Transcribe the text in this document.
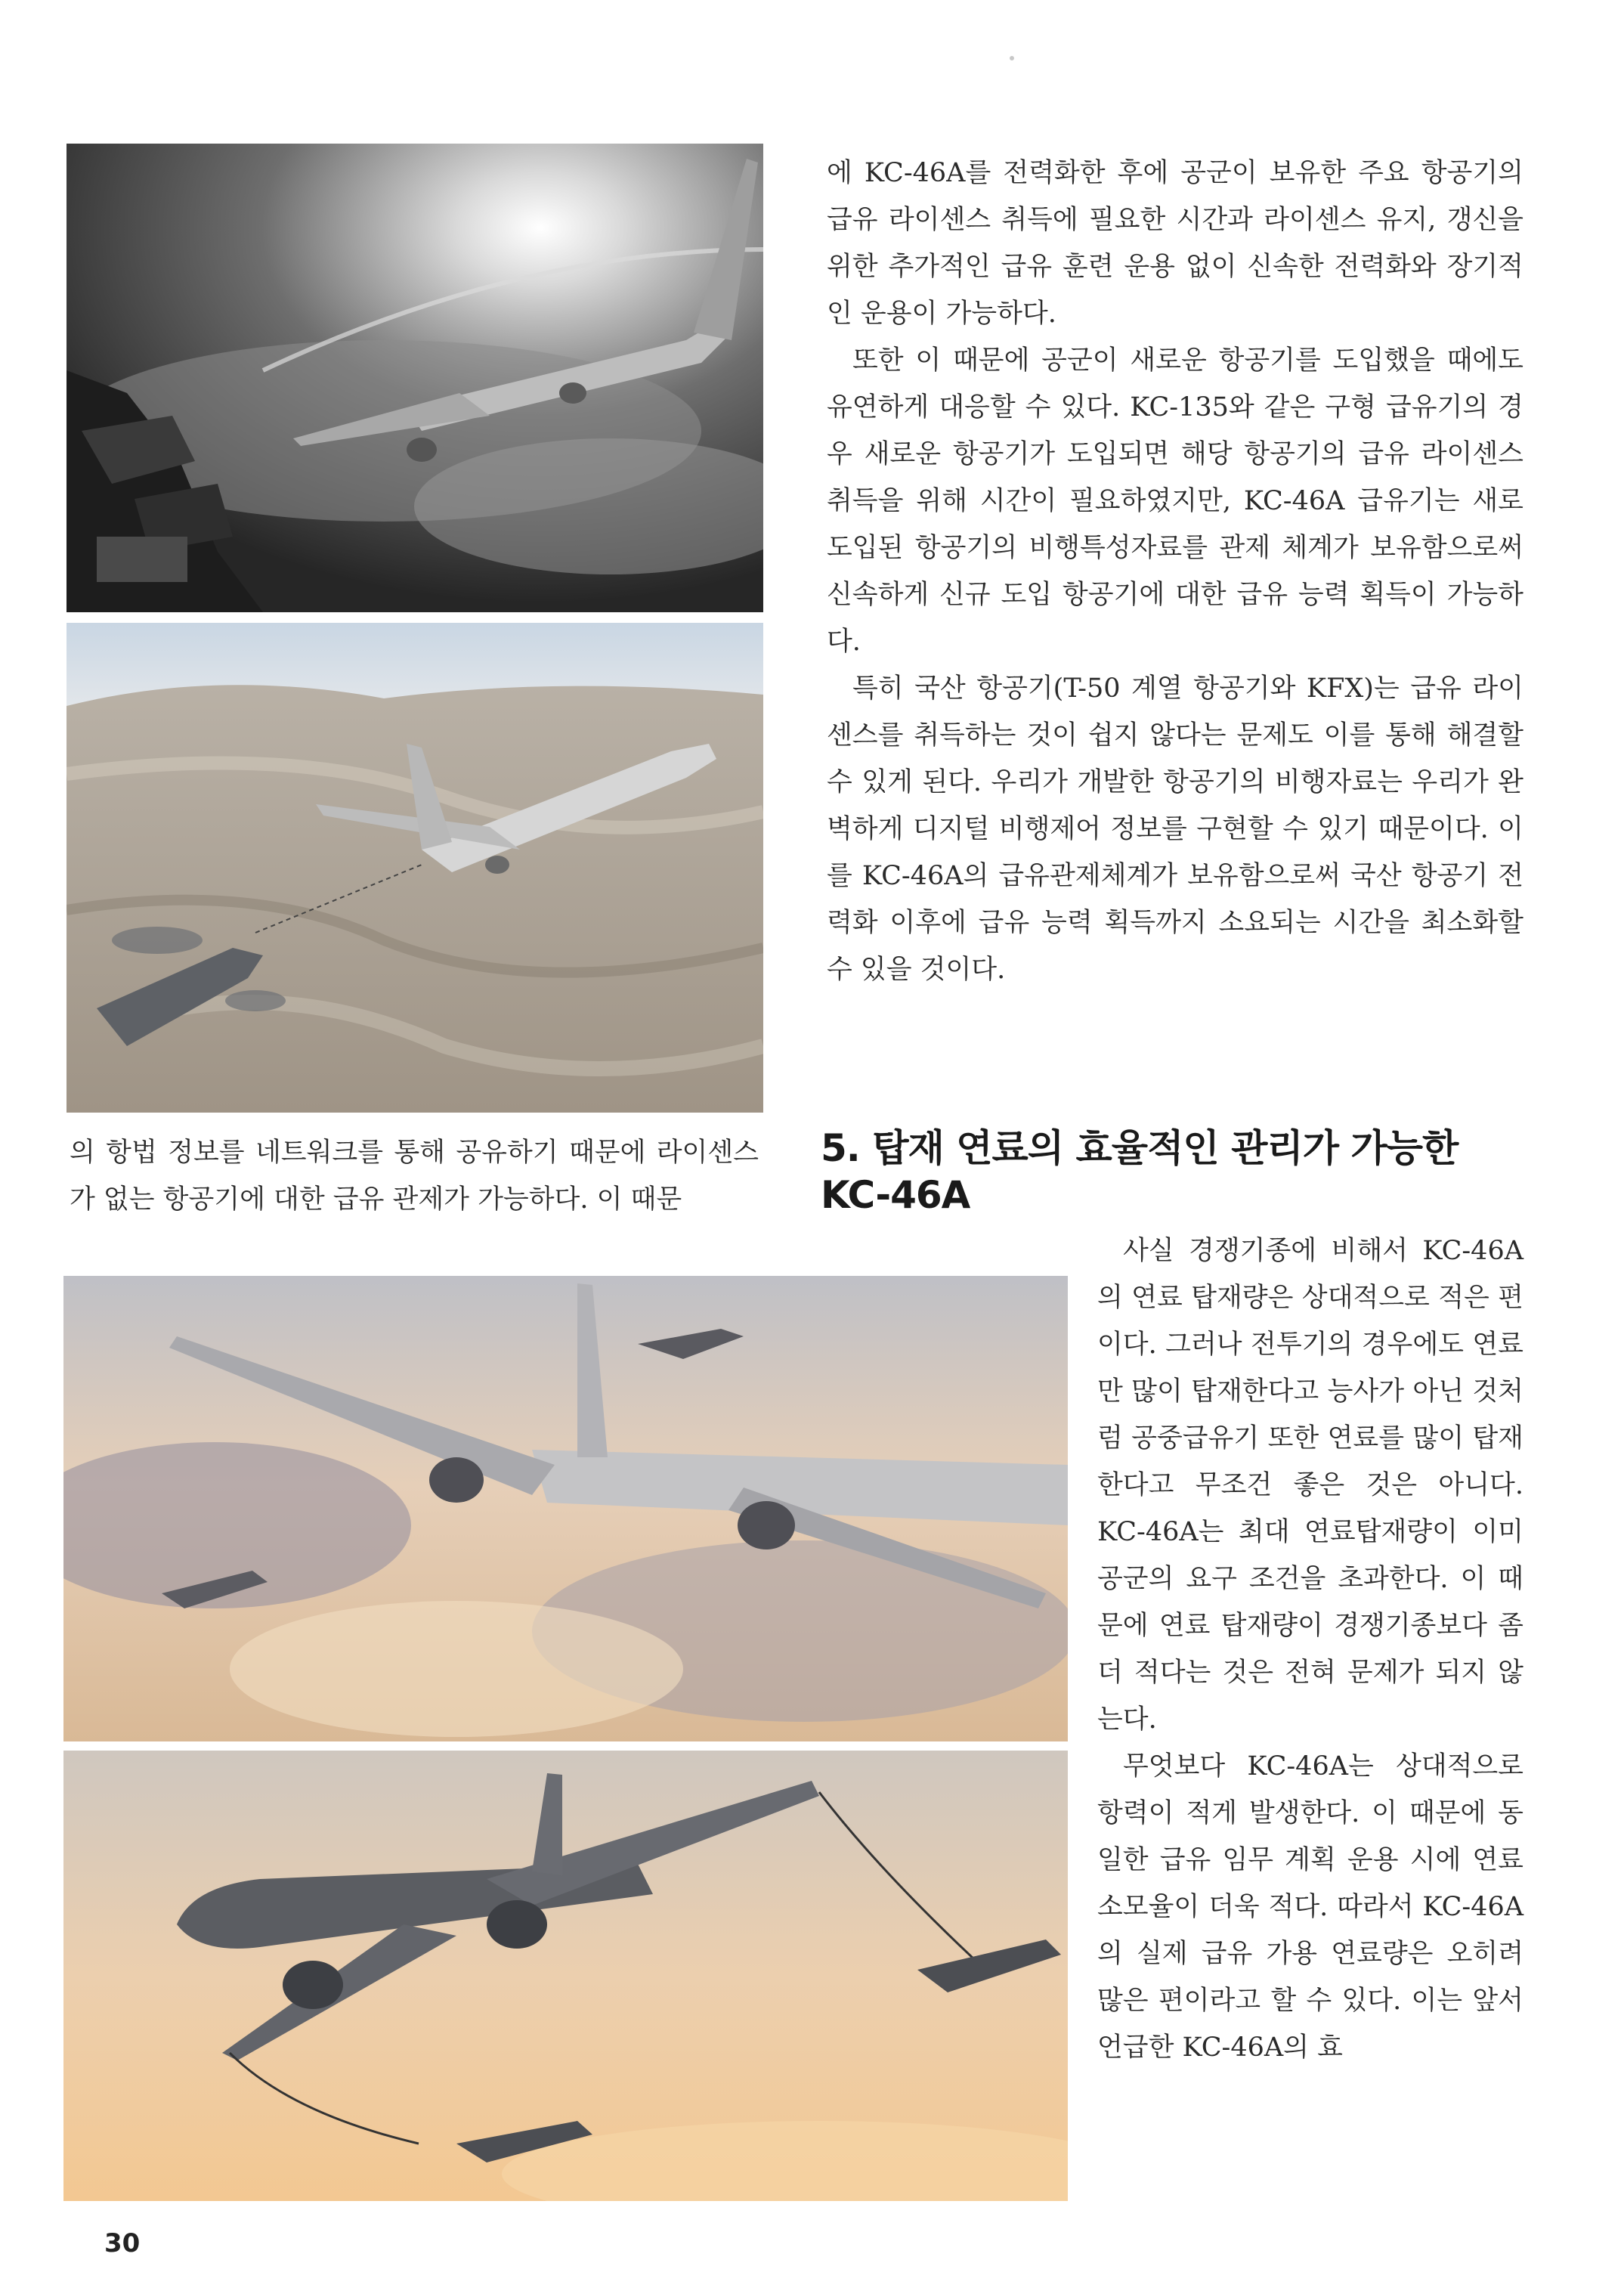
에 KC-46A를 전력화한 후에 공군이 보유한 주요 항공기의 급유 라이센스 취득에 필요한 시간과 라이센스 유지, 갱신을 위한 추가적인 급유 훈련 운용 없이 신속한 전력화와 장기적인 운용이 가능하다.

또한 이 때문에 공군이 새로운 항공기를 도입했을 때에도 유연하게 대응할 수 있다. KC-135와 같은 구형 급유기의 경우 새로운 항공기가 도입되면 해당 항공기의 급유 라이센스 취득을 위해 시간이 필요하였지만, KC-46A 급유기는 새로 도입된 항공기의 비행특성자료를 관제 체계가 보유함으로써 신속하게 신규 도입 항공기에 대한 급유 능력 획득이 가능하다.

특히 국산 항공기(T-50 계열 항공기와 KFX)는 급유 라이센스를 취득하는 것이 쉽지 않다는 문제도 이를 통해 해결할 수 있게 된다. 우리가 개발한 항공기의 비행자료는 우리가 완벽하게 디지털 비행제어 정보를 구현할 수 있기 때문이다. 이를 KC-46A의 급유관제체계가 보유함으로써 국산 항공기 전력화 이후에 급유 능력 획득까지 소요되는 시간을 최소화할 수 있을 것이다.

의 항법 정보를 네트워크를 통해 공유하기 때문에 라이센스가 없는 항공기에 대한 급유 관제가 가능하다. 이 때문

5. 탑재 연료의 효율적인 관리가 가능한 KC-46A

사실 경쟁기종에 비해서 KC-46A의 연료 탑재량은 상대적으로 적은 편이다. 그러나 전투기의 경우에도 연료만 많이 탑재한다고 능사가 아닌 것처럼 공중급유기 또한 연료를 많이 탑재한다고 무조건 좋은 것은 아니다. KC-46A는 최대 연료탑재량이 이미 공군의 요구 조건을 초과한다. 이 때문에 연료 탑재량이 경쟁기종보다 좀 더 적다는 것은 전혀 문제가 되지 않는다.

무엇보다 KC-46A는 상대적으로 항력이 적게 발생한다. 이 때문에 동일한 급유 임무 계획 운용 시에 연료 소모율이 더욱 적다. 따라서 KC-46A의 실제 급유 가용 연료량은 오히려 많은 편이라고 할 수 있다. 이는 앞서 언급한 KC-46A의 효

30
